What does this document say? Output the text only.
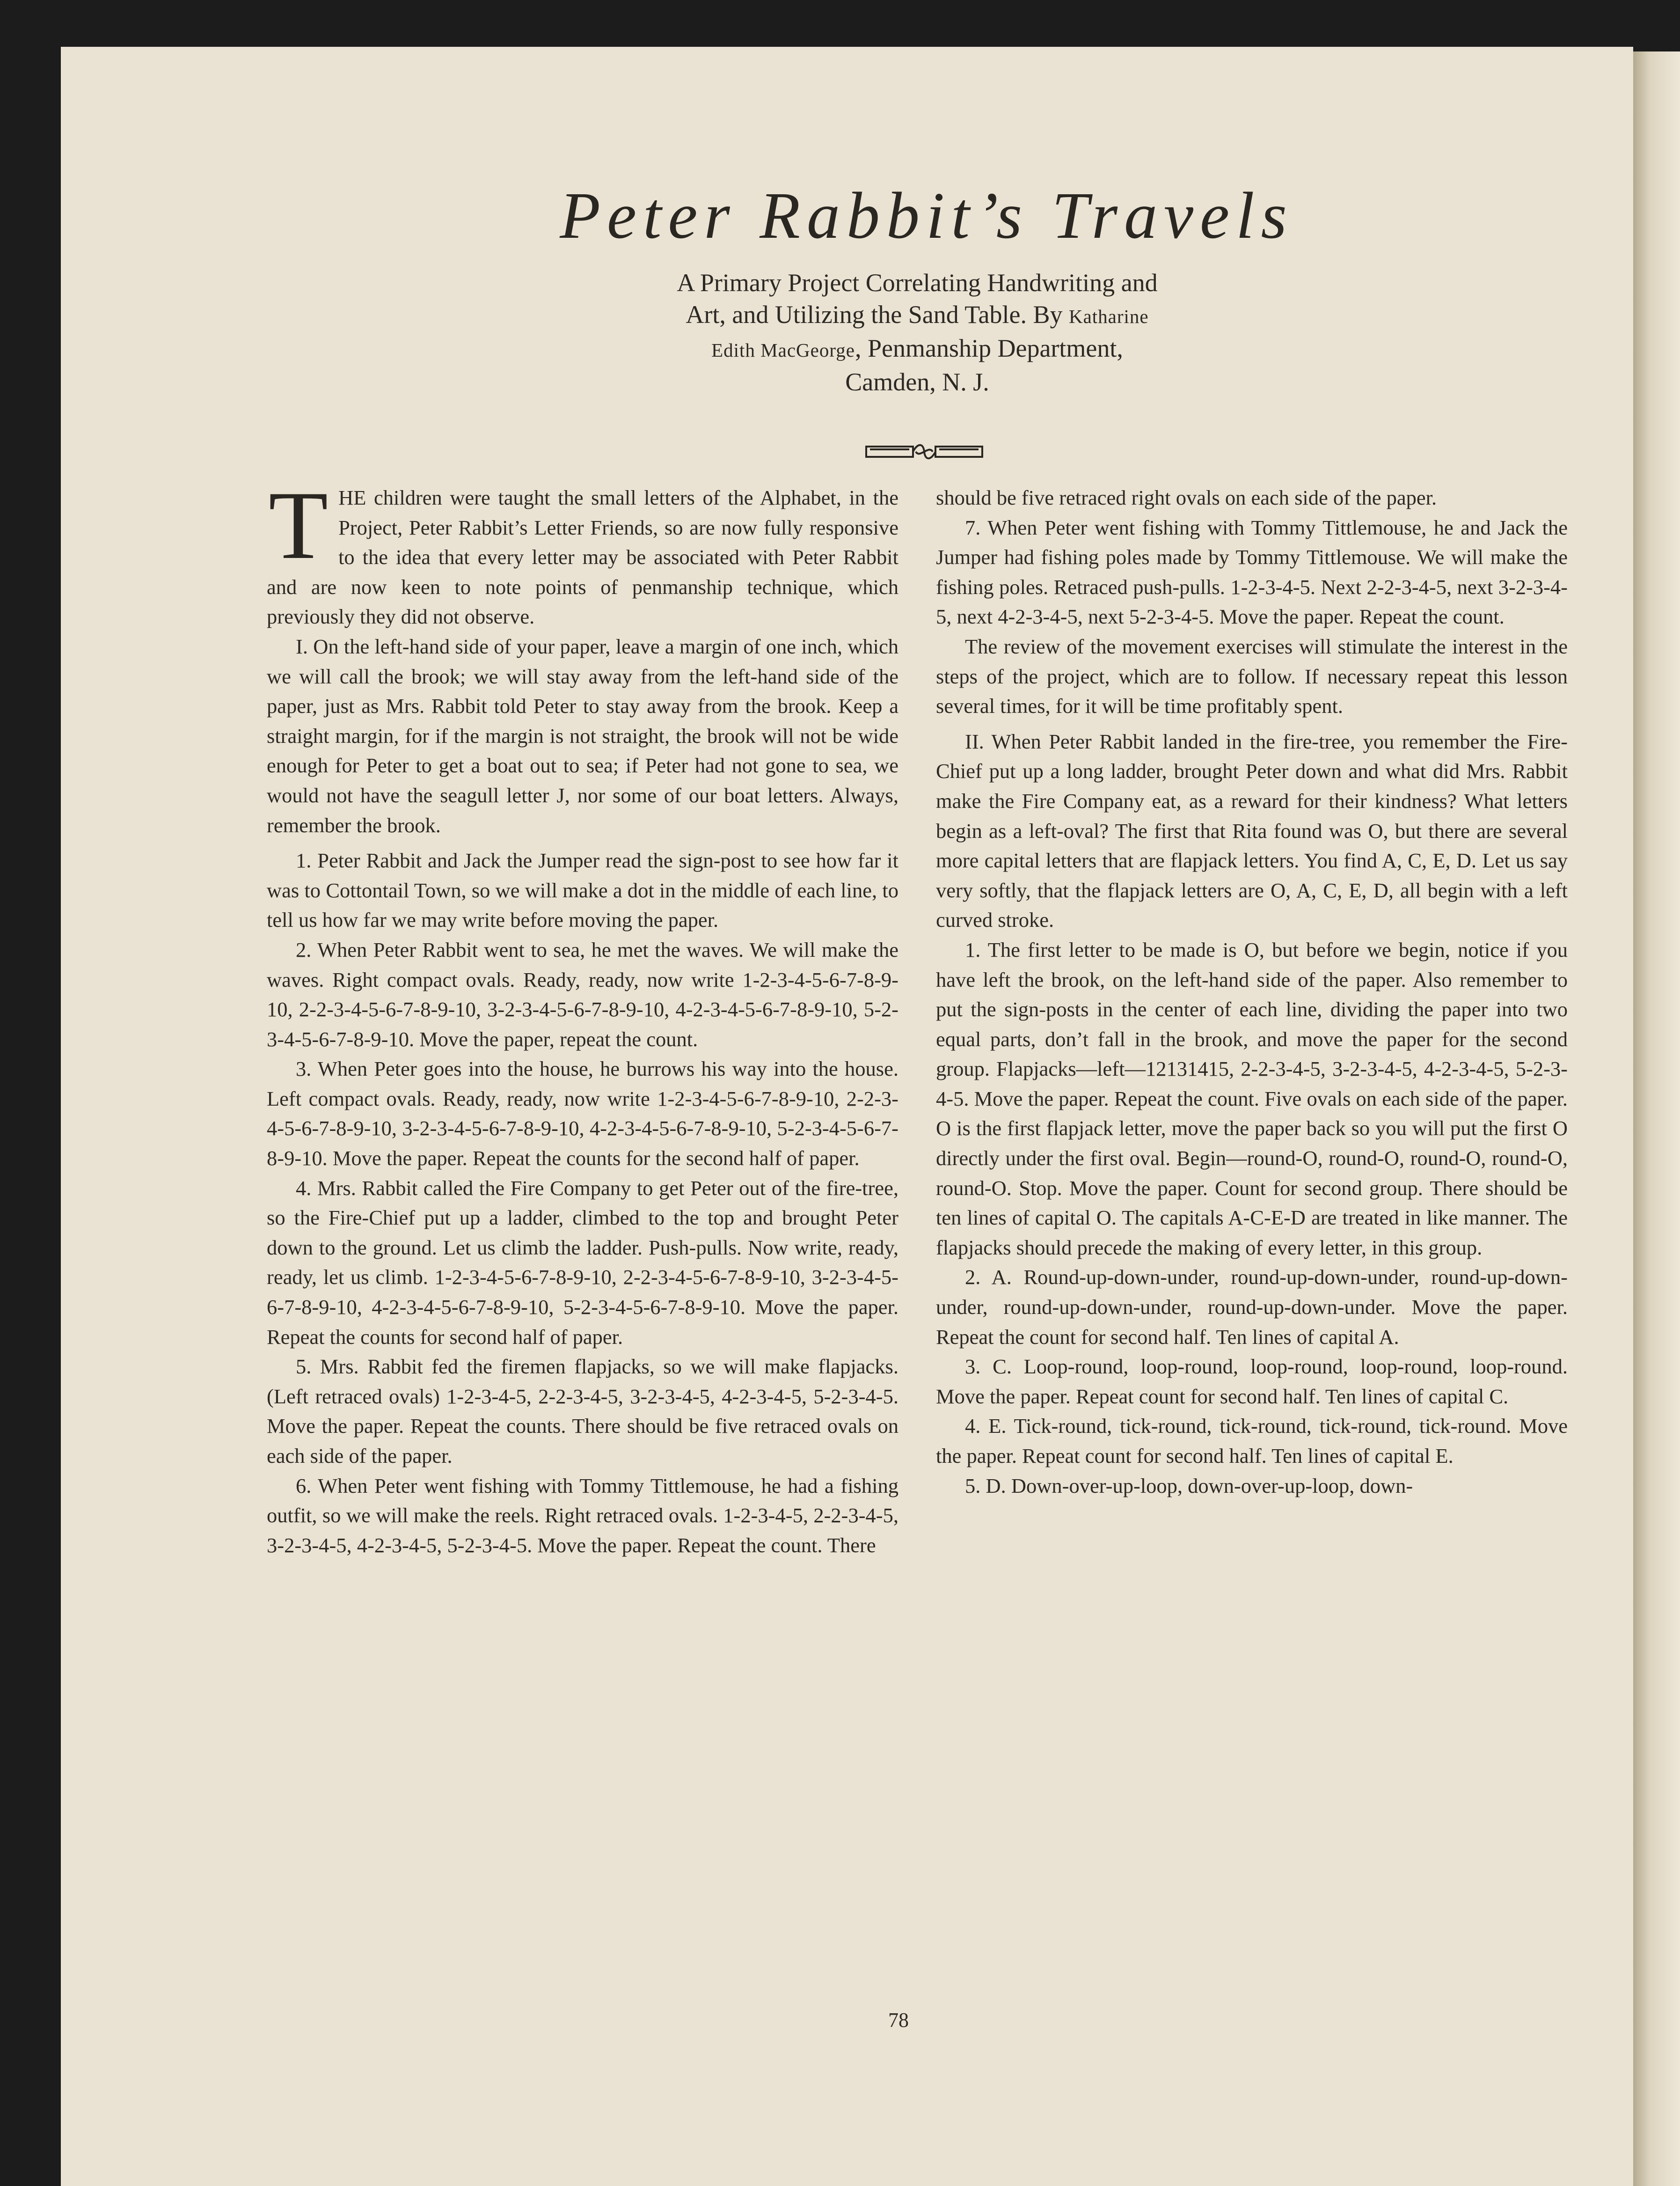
Peter Rabbit’s Travels
A Primary Project Correlating Handwriting and
Art, and Utilizing the Sand Table. By Katharine
Edith MacGeorge, Penmanship Department,
Camden, N. J.

THE children were taught the small letters of the Alphabet, in the Project, Peter Rabbit’s Letter Friends, so are now fully responsive to the idea that every letter may be associated with Peter Rabbit and are now keen to note points of penmanship technique, which previously they did not observe.

I. On the left-hand side of your paper, leave a margin of one inch, which we will call the brook; we will stay away from the left-hand side of the paper, just as Mrs. Rabbit told Peter to stay away from the brook. Keep a straight margin, for if the margin is not straight, the brook will not be wide enough for Peter to get a boat out to sea; if Peter had not gone to sea, we would not have the seagull letter J, nor some of our boat letters. Always, remember the brook.

1. Peter Rabbit and Jack the Jumper read the sign-post to see how far it was to Cottontail Town, so we will make a dot in the middle of each line, to tell us how far we may write before moving the paper.

2. When Peter Rabbit went to sea, he met the waves. We will make the waves. Right compact ovals. Ready, ready, now write 1-2-3-4-5-6-7-8-9-10, 2-2-3-4-5-6-7-8-9-10, 3-2-3-4-5-6-7-8-9-10, 4-2-3-4-5-6-7-8-9-10, 5-2-3-4-5-6-7-8-9-10. Move the paper, repeat the count.

3. When Peter goes into the house, he burrows his way into the house. Left compact ovals. Ready, ready, now write 1-2-3-4-5-6-7-8-9-10, 2-2-3-4-5-6-7-8-9-10, 3-2-3-4-5-6-7-8-9-10, 4-2-3-4-5-6-7-8-9-10, 5-2-3-4-5-6-7-8-9-10. Move the paper. Repeat the counts for the second half of paper.

4. Mrs. Rabbit called the Fire Company to get Peter out of the fire-tree, so the Fire-Chief put up a ladder, climbed to the top and brought Peter down to the ground. Let us climb the ladder. Push-pulls. Now write, ready, ready, let us climb. 1-2-3-4-5-6-7-8-9-10, 2-2-3-4-5-6-7-8-9-10, 3-2-3-4-5-6-7-8-9-10, 4-2-3-4-5-6-7-8-9-10, 5-2-3-4-5-6-7-8-9-10. Move the paper. Repeat the counts for second half of paper.

5. Mrs. Rabbit fed the firemen flapjacks, so we will make flapjacks. (Left retraced ovals) 1-2-3-4-5, 2-2-3-4-5, 3-2-3-4-5, 4-2-3-4-5, 5-2-3-4-5. Move the paper. Repeat the counts. There should be five retraced ovals on each side of the paper.

6. When Peter went fishing with Tommy Tittlemouse, he had a fishing outfit, so we will make the reels. Right retraced ovals. 1-2-3-4-5, 2-2-3-4-5, 3-2-3-4-5, 4-2-3-4-5, 5-2-3-4-5. Move the paper. Repeat the count. There

should be five retraced right ovals on each side of the paper.

7. When Peter went fishing with Tommy Tittlemouse, he and Jack the Jumper had fishing poles made by Tommy Tittlemouse. We will make the fishing poles. Retraced push-pulls. 1-2-3-4-5. Next 2-2-3-4-5, next 3-2-3-4-5, next 4-2-3-4-5, next 5-2-3-4-5. Move the paper. Repeat the count.

The review of the movement exercises will stimulate the interest in the steps of the project, which are to follow. If necessary repeat this lesson several times, for it will be time profitably spent.

II. When Peter Rabbit landed in the fire-tree, you remember the Fire-Chief put up a long ladder, brought Peter down and what did Mrs. Rabbit make the Fire Company eat, as a reward for their kindness? What letters begin as a left-oval? The first that Rita found was O, but there are several more capital letters that are flapjack letters. You find A, C, E, D. Let us say very softly, that the flapjack letters are O, A, C, E, D, all begin with a left curved stroke.

1. The first letter to be made is O, but before we begin, notice if you have left the brook, on the left-hand side of the paper. Also remember to put the sign-posts in the center of each line, dividing the paper into two equal parts, don’t fall in the brook, and move the paper for the second group. Flapjacks—left—12131415, 2-2-3-4-5, 3-2-3-4-5, 4-2-3-4-5, 5-2-3-4-5. Move the paper. Repeat the count. Five ovals on each side of the paper. O is the first flapjack letter, move the paper back so you will put the first O directly under the first oval. Begin—round-O, round-O, round-O, round-O, round-O. Stop. Move the paper. Count for second group. There should be ten lines of capital O. The capitals A-C-E-D are treated in like manner. The flapjacks should precede the making of every letter, in this group.

2. A. Round-up-down-under, round-up-down-under, round-up-down-under, round-up-down-under, round-up-down-under. Move the paper. Repeat the count for second half. Ten lines of capital A.

3. C. Loop-round, loop-round, loop-round, loop-round, loop-round. Move the paper. Repeat count for second half. Ten lines of capital C.

4. E. Tick-round, tick-round, tick-round, tick-round, tick-round. Move the paper. Repeat count for second half. Ten lines of capital E.

5. D. Down-over-up-loop, down-over-up-loop, down-

78
